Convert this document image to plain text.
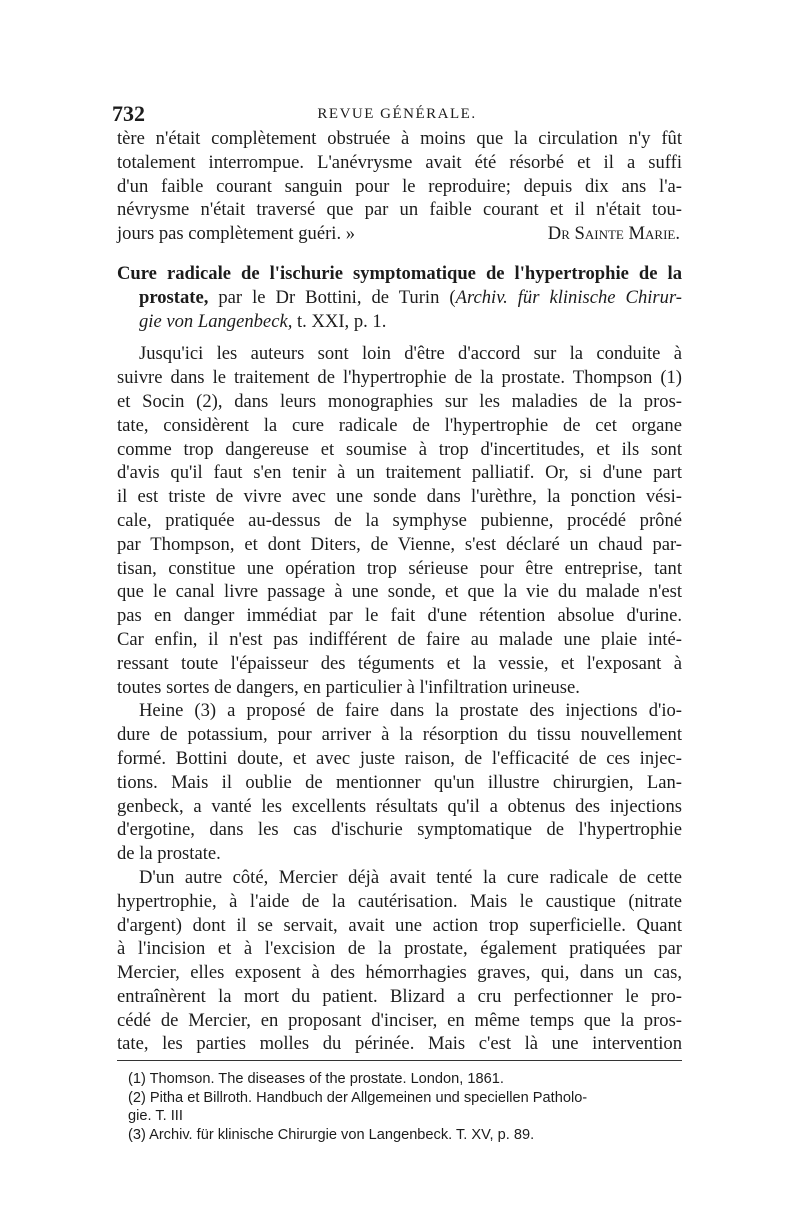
732	REVUE GÉNÉRALE.

tère n'était complètement obstruée à moins que la circulation n'y fût

totalement interrompue. L'anévrysme avait été résorbé et il a suffi

d'un faible courant sanguin pour le reproduire; depuis dix ans l'a-

névrysme n'était traversé que par un faible courant et il n'était tou-

jours pas complètement guéri. »	Dr Sainte Marie.

Cure radicale de l'ischurie symptomatique de l'hypertrophie de la

prostate, par le Dr Bottini, de Turin (Archiv. für klinische Chirur-

gie von Langenbeck, t. XXI, p. 1.

Jusqu'ici les auteurs sont loin d'être d'accord sur la conduite à

suivre dans le traitement de l'hypertrophie de la prostate. Thompson (1)

et Socin (2), dans leurs monographies sur les maladies de la pros-

tate, considèrent la cure radicale de l'hypertrophie de cet organe

comme trop dangereuse et soumise à trop d'incertitudes, et ils sont

d'avis qu'il faut s'en tenir à un traitement palliatif. Or, si d'une part

il est triste de vivre avec une sonde dans l'urèthre, la ponction vési-

cale, pratiquée au-dessus de la symphyse pubienne, procédé prôné

par Thompson, et dont Diters, de Vienne, s'est déclaré un chaud par-

tisan, constitue une opération trop sérieuse pour être entreprise, tant

que le canal livre passage à une sonde, et que la vie du malade n'est

pas en danger immédiat par le fait d'une rétention absolue d'urine.

Car enfin, il n'est pas indifférent de faire au malade une plaie inté-

ressant toute l'épaisseur des téguments et la vessie, et l'exposant à

toutes sortes de dangers, en particulier à l'infiltration urineuse.

Heine (3) a proposé de faire dans la prostate des injections d'io-

dure de potassium, pour arriver à la résorption du tissu nouvellement

formé. Bottini doute, et avec juste raison, de l'efficacité de ces injec-

tions. Mais il oublie de mentionner qu'un illustre chirurgien, Lan-

genbeck, a vanté les excellents résultats qu'il a obtenus des injections

d'ergotine, dans les cas d'ischurie symptomatique de l'hypertrophie

de la prostate.

D'un autre côté, Mercier déjà avait tenté la cure radicale de cette

hypertrophie, à l'aide de la cautérisation. Mais le caustique (nitrate

d'argent) dont il se servait, avait une action trop superficielle. Quant

à l'incision et à l'excision de la prostate, également pratiquées par

Mercier, elles exposent à des hémorrhagies graves, qui, dans un cas,

entraînèrent la mort du patient. Blizard a cru perfectionner le pro-

cédé de Mercier, en proposant d'inciser, en même temps que la pros-

tate, les parties molles du périnée. Mais c'est là une intervention

(1) Thomson. The diseases of the prostate. London, 1861.

(2) Pitha et Billroth. Handbuch der Allgemeinen und speciellen Patholo-

gie. T. III

(3) Archiv. für klinische Chirurgie von Langenbeck. T. XV, p. 89.
